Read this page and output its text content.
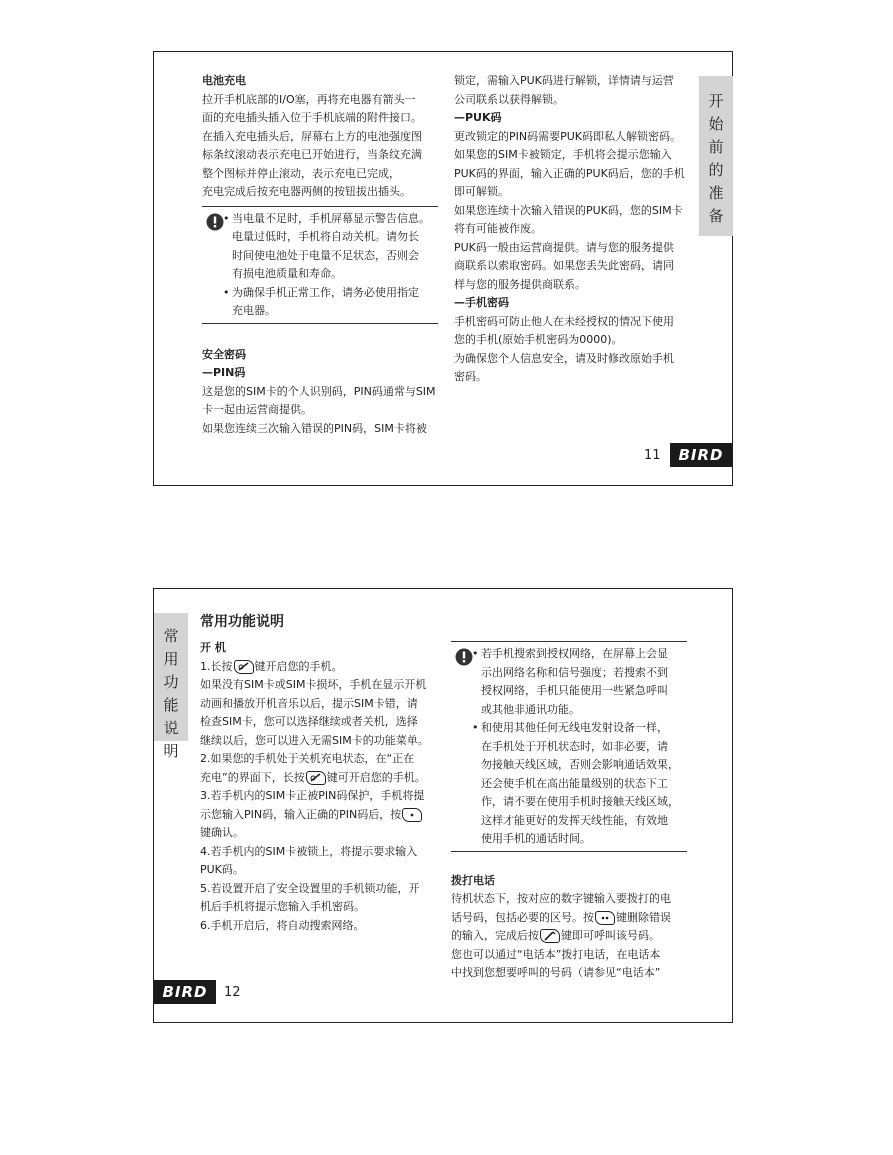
电池充电

拉开手机底部的I/O塞，再将充电器有箭头一

面的充电插头插入位于手机底端的附件接口。

在插入充电插头后，屏幕右上方的电池强度图

标条纹滚动表示充电已开始进行，当条纹充满

整个图标并停止滚动，表示充电已完成，

充电完成后按充电器两侧的按钮拔出插头。

• 当电量不足时，手机屏幕显示警告信息。
电量过低时，手机将自动关机。请勿长
时间使电池处于电量不足状态，否则会
有损电池质量和寿命。
• 为确保手机正常工作，请务必使用指定
充电器。

安全密码

—PIN码

这是您的SIM卡的个人识别码，PIN码通常与SIM

卡一起由运营商提供。

如果您连续三次输入错误的PIN码，SIM卡将被

锁定，需输入PUK码进行解锁，详情请与运营

公司联系以获得解锁。

—PUK码

更改锁定的PIN码需要PUK码即私人解锁密码。

如果您的SIM卡被锁定，手机将会提示您输入

PUK码的界面，输入正确的PUK码后，您的手机

即可解锁。

如果您连续十次输入错误的PUK码，您的SIM卡

将有可能被作废。

PUK码一般由运营商提供。请与您的服务提供

商联系以索取密码。如果您丢失此密码，请同

样与您的服务提供商联系。

—手机密码

手机密码可防止他人在未经授权的情况下使用

您的手机(原始手机密码为0000)。

为确保您个人信息安全，请及时修改原始手机

密码。

开
始
前
的
准
备
11	BIRD
常
用
功
能
说
明
常用功能说明

开 机

1.长按 键开启您的手机。

如果没有SIM卡或SIM卡损坏，手机在显示开机

动画和播放开机音乐以后，提示SIM卡错，请

检查SIM卡，您可以选择继续或者关机，选择

继续以后，您可以进入无需SIM卡的功能菜单。

2.如果您的手机处于关机充电状态，在“正在

充电”的界面下，长按 键可开启您的手机。

3.若手机内的SIM卡正被PIN码保护，手机将提

示您输入PIN码，输入正确的PIN码后，按

键确认。

4.若手机内的SIM卡被锁上，将提示要求输入

PUK码。

5.若设置开启了安全设置里的手机锁功能，开

机后手机将提示您输入手机密码。

6.手机开启后，将自动搜索网络。

• 若手机搜索到授权网络，在屏幕上会显
示出网络名称和信号强度；若搜索不到
授权网络，手机只能使用一些紧急呼叫
或其他非通讯功能。
• 和使用其他任何无线电发射设备一样，
在手机处于开机状态时，如非必要，请
勿接触天线区域，否则会影响通话效果，
还会使手机在高出能量级别的状态下工
作，请不要在使用手机时接触天线区域，
这样才能更好的发挥天线性能，有效地
使用手机的通话时间。

拨打电话

待机状态下，按对应的数字键输入要拨打的电

话号码，包括必要的区号。按 键删除错误

的输入，完成后按 键即可呼叫该号码。

您也可以通过“电话本”拨打电话，在电话本

中找到您想要呼叫的号码（请参见“电话本”

BIRD	12
